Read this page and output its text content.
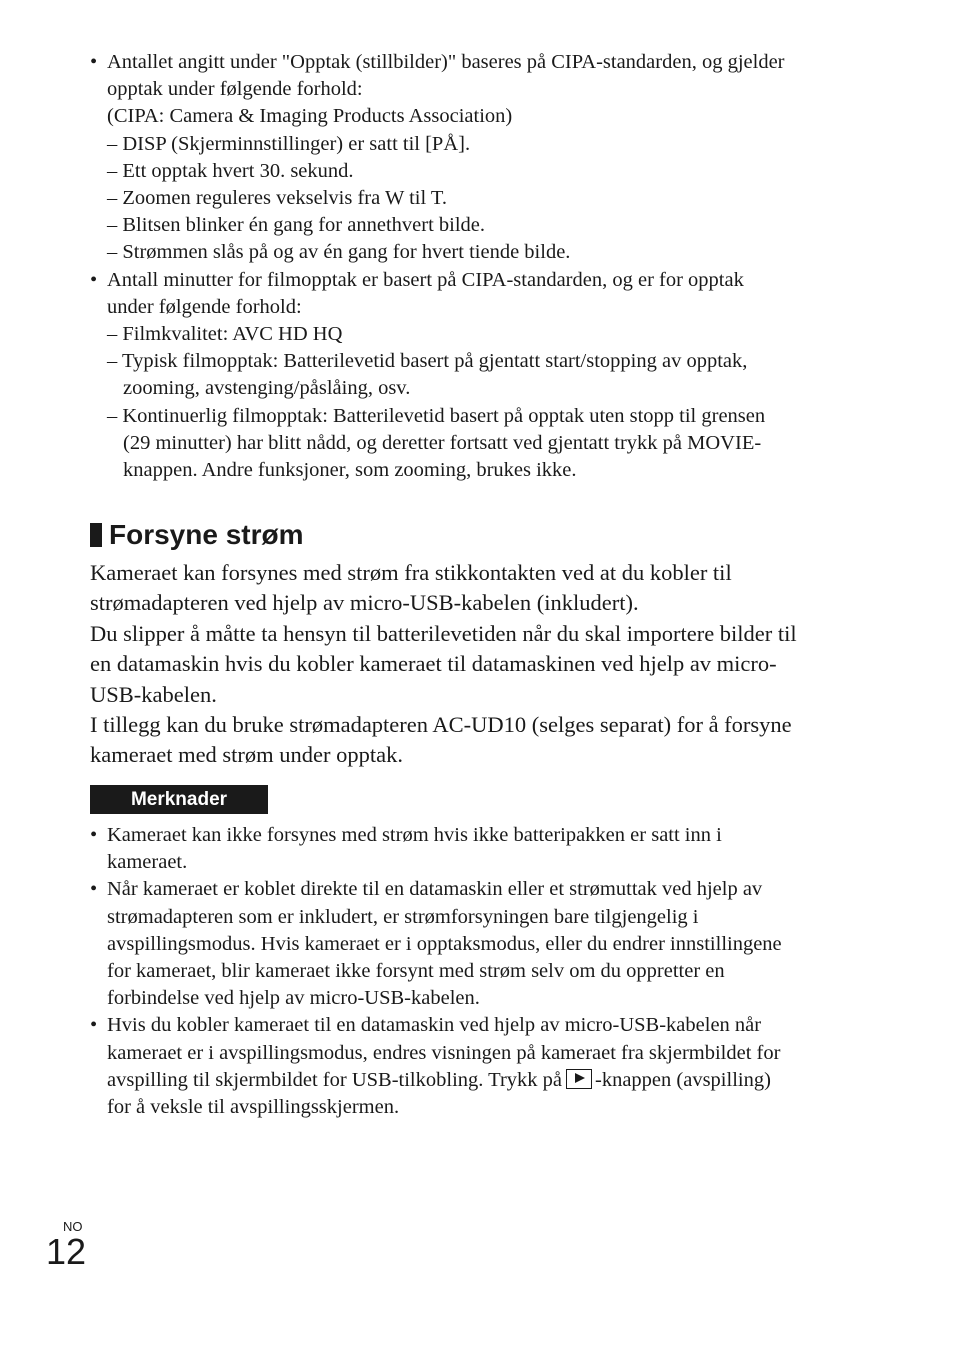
• Antallet angitt under "Opptak (stillbilder)" baseres på CIPA-standarden, og gjelder
opptak under følgende forhold:
(CIPA: Camera & Imaging Products Association)
– DISP (Skjerminnstillinger) er satt til [PÅ].
– Ett opptak hvert 30. sekund.
– Zoomen reguleres vekselvis fra W til T.
– Blitsen blinker én gang for annethvert bilde.
– Strømmen slås på og av én gang for hvert tiende bilde.
• Antall minutter for filmopptak er basert på CIPA-standarden, og er for opptak
under følgende forhold:
– Filmkvalitet: AVC HD HQ
– Typisk filmopptak: Batterilevetid basert på gjentatt start/stopping av opptak,
zooming, avstenging/påslåing, osv.
– Kontinuerlig filmopptak: Batterilevetid basert på opptak uten stopp til grensen
(29 minutter) har blitt nådd, og deretter fortsatt ved gjentatt trykk på MOVIE-
knappen. Andre funksjoner, som zooming, brukes ikke.
Forsyne strøm
Kameraet kan forsynes med strøm fra stikkontakten ved at du kobler til
strømadapteren ved hjelp av micro-USB-kabelen (inkludert).
Du slipper å måtte ta hensyn til batterilevetiden når du skal importere bilder til
en datamaskin hvis du kobler kameraet til datamaskinen ved hjelp av micro-
USB-kabelen.
I tillegg kan du bruke strømadapteren AC-UD10 (selges separat) for å forsyne
kameraet med strøm under opptak.
Merknader
• Kameraet kan ikke forsynes med strøm hvis ikke batteripakken er satt inn i
kameraet.
• Når kameraet er koblet direkte til en datamaskin eller et strømuttak ved hjelp av
strømadapteren som er inkludert, er strømforsyningen bare tilgjengelig i
avspillingsmodus. Hvis kameraet er i opptaksmodus, eller du endrer innstillingene
for kameraet, blir kameraet ikke forsynt med strøm selv om du oppretter en
forbindelse ved hjelp av micro-USB-kabelen.
• Hvis du kobler kameraet til en datamaskin ved hjelp av micro-USB-kabelen når
kameraet er i avspillingsmodus, endres visningen på kameraet fra skjermbildet for
avspilling til skjermbildet for USB-tilkobling. Trykk på -knappen (avspilling)
for å veksle til avspillingsskjermen.
NO
12
